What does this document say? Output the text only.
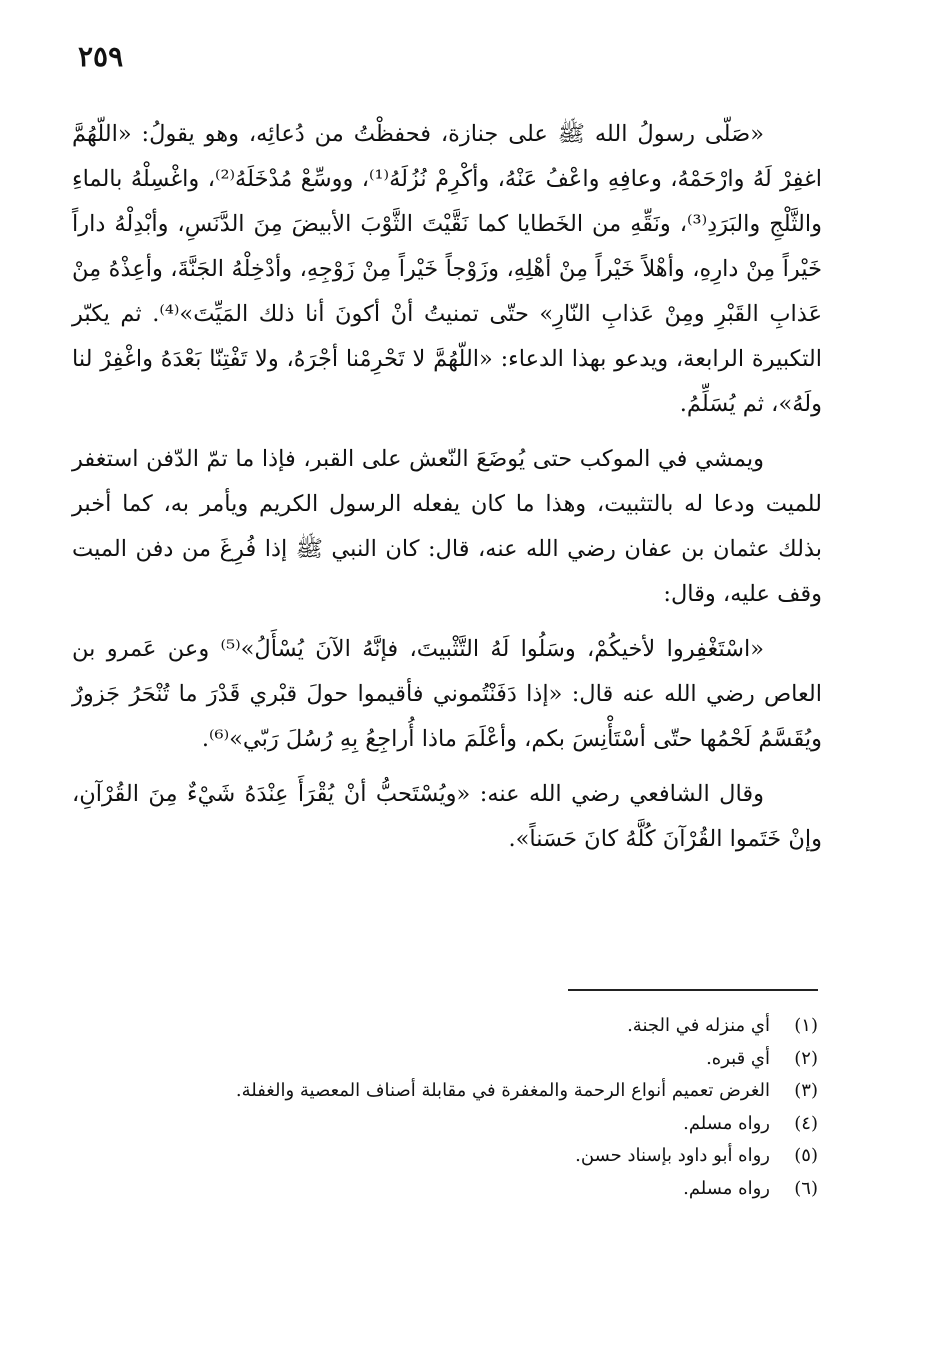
٢٥٩

«صَلّى رسولُ الله ﷺ على جنازة، فحفظْتُ من دُعائِه، وهو يقولُ: «اللّهُمَّ اغفِرْ لَهُ وارْحَمْهُ، وعافِهِ واعْفُ عَنْهُ، وأكْرِمْ نُزُلَهُ⁽¹⁾، ووسِّعْ مُدْخَلَهُ⁽²⁾، واغْسِلْهُ بالماءِ والثَّلْجِ والبَرَدِ⁽³⁾، ونَقِّهِ من الخَطايا كما نَقَّيْتَ الثَّوْبَ الأبيضَ مِنَ الدَّنَسِ، وأبْدِلْهُ داراً خَيْراً مِنْ دارِهِ، وأهْلاً خَيْراً مِنْ أهْلِهِ، وزَوْجاً خَيْراً مِنْ زَوْجِهِ، وأدْخِلْهُ الجَنَّةَ، وأعِذْهُ مِنْ عَذابِ القَبْرِ ومِنْ عَذابِ النّارِ» حتّى تمنيتُ أنْ أكونَ أنا ذلك المَيِّتَ»⁽⁴⁾. ثم يكبّر التكبيرة الرابعة، ويدعو بهذا الدعاء: «اللّهُمَّ لا تَحْرِمْنا أجْرَهُ، ولا تَفْتِنّا بَعْدَهُ واغْفِرْ لنا ولَهُ»، ثم يُسَلِّمُ.

ويمشي في الموكب حتى يُوضَعَ النّعش على القبر، فإذا ما تمّ الدّفن استغفر للميت ودعا له بالتثبيت، وهذا ما كان يفعله الرسول الكريم ويأمر به، كما أخبر بذلك عثمان بن عفان رضي الله عنه، قال: كان النبي ﷺ إذا فُرِغَ من دفن الميت وقف عليه، وقال:

«اسْتَغْفِروا لأخيكُمْ، وسَلُوا لَهُ التَّثْبيتَ، فإنَّهُ الآنَ يُسْأَلُ»⁽⁵⁾ وعن عَمرو بن العاص رضي الله عنه قال: «إذا دَفَنْتُموني فأقيموا حولَ قبْري قَدْرَ ما تُنْحَرُ جَزورٌ ويُقَسَّمُ لَحْمُها حتّى أسْتَأْنِسَ بكم، وأعْلَمَ ماذا أُراجِعُ بِهِ رُسُلَ رَبّي»⁽⁶⁾.

وقال الشافعي رضي الله عنه: «ويُسْتَحبُّ أنْ يُقْرَأَ عِنْدَهُ شَيْءٌ مِنَ القُرْآنِ، وإنْ خَتَموا القُرْآنَ كُلَّهُ كانَ حَسَناً».

(١)أي منزله في الجنة.
(٢)أي قبره.
(٣)الغرض تعميم أنواع الرحمة والمغفرة في مقابلة أصناف المعصية والغفلة.
(٤)رواه مسلم.
(٥)رواه أبو داود بإسناد حسن.
(٦)رواه مسلم.
